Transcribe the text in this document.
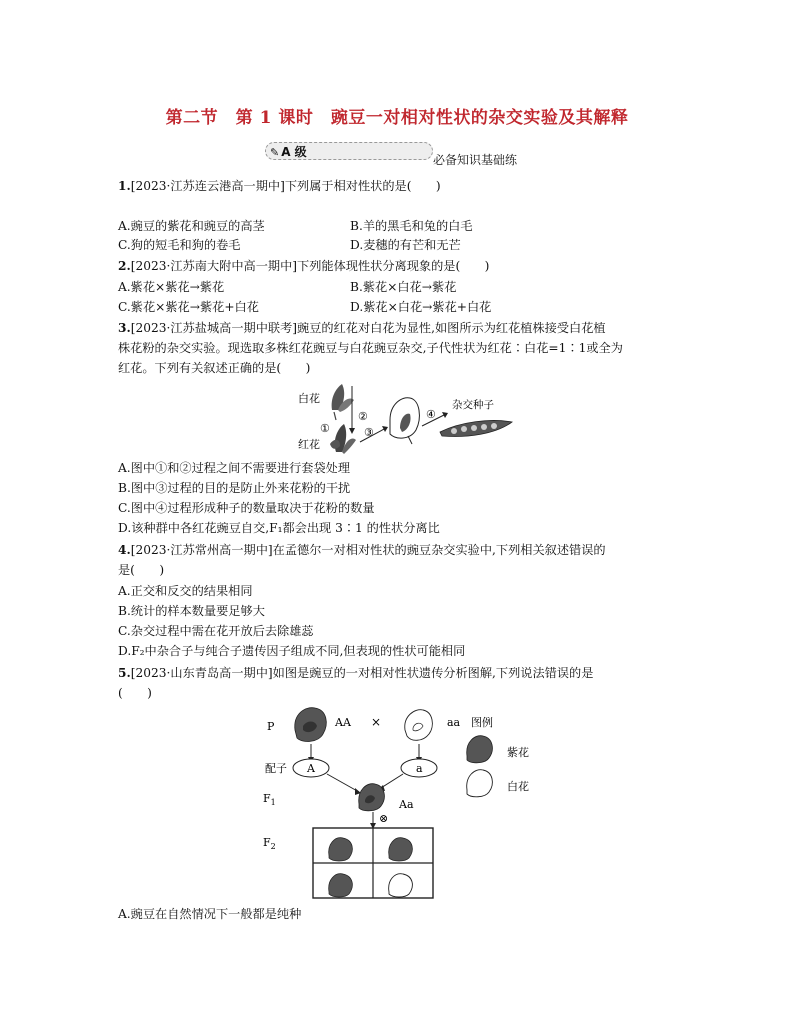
第二节　第 1 课时　豌豆一对相对性状的杂交实验及其解释
✎ A 级
必备知识基础练
1.[2023·江苏连云港高一期中]下列属于相对性状的是(　　)
A.豌豆的紫花和豌豆的高茎	B.羊的黑毛和兔的白毛
C.狗的短毛和狗的卷毛	D.麦穗的有芒和无芒
2.[2023·江苏南大附中高一期中]下列能体现性状分离现象的是(　　)
A.紫花×紫花→紫花	B.紫花×白花→紫花
C.紫花×紫花→紫花+白花	D.紫花×白花→紫花+白花
3.[2023·江苏盐城高一期中联考]豌豆的红花对白花为显性,如图所示为红花植株接受白花植
株花粉的杂交实验。现选取多株红花豌豆与白花豌豆杂交,子代性状为红花∶白花=1∶1或全为
红花。下列有关叙述正确的是(　　)
白花
红花
②
①	③
④
杂交种子
A.图中①和②过程之间不需要进行套袋处理
B.图中③过程的目的是防止外来花粉的干扰
C.图中④过程形成种子的数量取决于花粉的数量
D.该种群中各红花豌豆自交,F₁都会出现 3∶1 的性状分离比
4.[2023·江苏常州高一期中]在孟德尔一对相对性状的豌豆杂交实验中,下列相关叙述错误的
是(　　)
A.正交和反交的结果相同
B.统计的样本数量要足够大
C.杂交过程中需在花开放后去除雄蕊
D.F₂中杂合子与纯合子遗传因子组成不同,但表现的性状可能相同
5.[2023·山东青岛高一期中]如图是豌豆的一对相对性状遗传分析图解,下列说法错误的是
(　　)
P	AA ×	aa 图例
配子 A	a
$F_1$	Aa
⊗
$F_2$
紫花
白花
A.豌豆在自然情况下一般都是纯种
